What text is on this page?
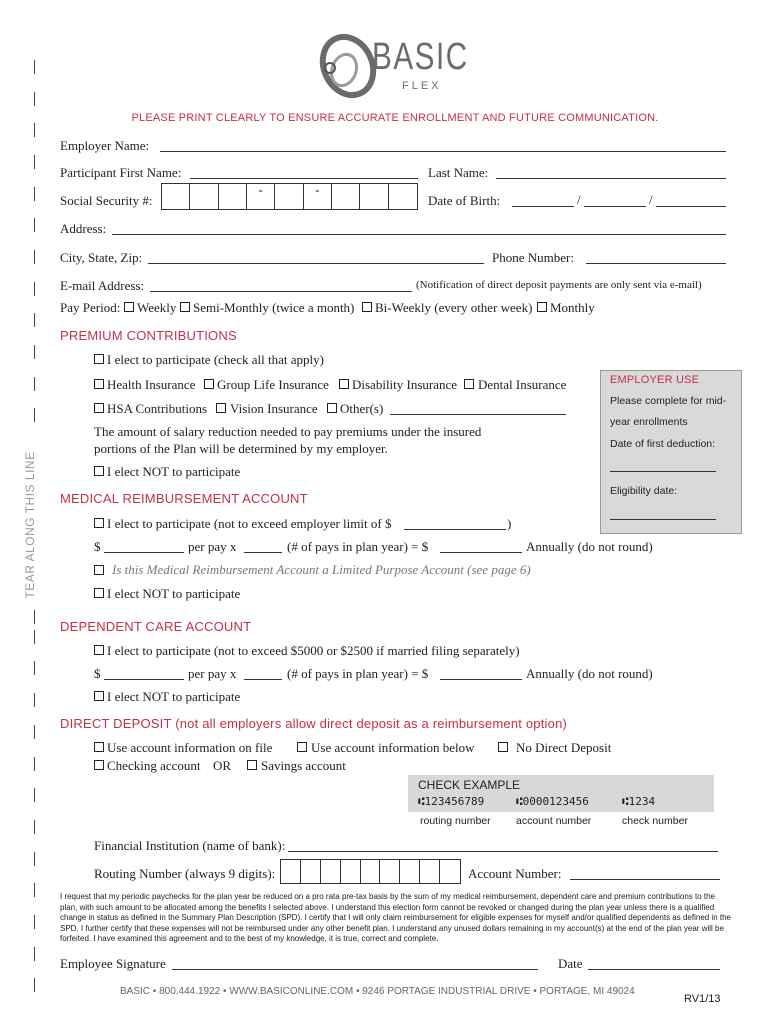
TEAR ALONG THIS LINE
BASIC
FLEX
PLEASE PRINT CLEARLY TO ENSURE ACCURATE ENROLLMENT AND FUTURE COMMUNICATION.
Employer Name:
Participant First Name:	Last Name:
Social Security #:
-	-
Date of Birth:	/	/
Address:
City, State, Zip:	Phone Number:
E-mail Address:	(Notification of direct deposit payments are only sent via e-mail)
Pay Period: Weekly Semi-Monthly (twice a month) Bi-Weekly (every other week) Monthly
PREMIUM CONTRIBUTIONS
I elect to participate (check all that apply)
Health Insurance Group Life Insurance Disability Insurance Dental Insurance
HSA Contributions Vision Insurance Other(s)
The amount of salary reduction needed to pay premiums under the insured
portions of the Plan will be determined by my employer.
I elect NOT to participate
EMPLOYER USE
Please complete for mid-
year enrollments
Date of first deduction:
Eligibility date:
MEDICAL REIMBURSEMENT ACCOUNT
I elect to participate (not to exceed employer limit of $	)
$	per pay x	(# of pays in plan year) = $	Annually (do not round)
Is this Medical Reimbursement Account a Limited Purpose Account (see page 6)
I elect NOT to participate
DEPENDENT CARE ACCOUNT
I elect to participate (not to exceed $5000 or $2500 if married filing separately)
$	per pay x	(# of pays in plan year) = $	Annually (do not round)
I elect NOT to participate
DIRECT DEPOSIT (not all employers allow direct deposit as a reimbursement option)
Use account information on file	Use account information below	No Direct Deposit
Checking account OR Savings account
CHECK EXAMPLE
⑆123456789	⑆0000123456	⑆1234
routing number account number	check number
Financial Institution (name of bank):
Routing Number (always 9 digits):	Account Number:
I request that my periodic paychecks for the plan year be reduced on a pro rata pre-tax basis by the sum of my medical reimbursement, dependent care and premium contributions to the plan, with such amount to be allocated among the benefits I selected above. I understand this election form cannot be revoked or changed during the plan year unless there is a qualified change in status as defined in the Summary Plan Description (SPD). I certify that I will only claim reimbursement for eligible expenses for myself and/or qualified dependents as defined in the SPD. I further certify that these expenses will not be reimbursed under any other benefit plan. I understand any unused dollars remaining in my account(s) at the end of the plan year will be forfeited. I have examined this agreement and to the best of my knowledge, it is true, correct and complete.
Employee Signature	Date
BASIC • 800.444.1922 • WWW.BASICONLINE.COM • 9246 PORTAGE INDUSTRIAL DRIVE • PORTAGE, MI 49024
RV1/13
